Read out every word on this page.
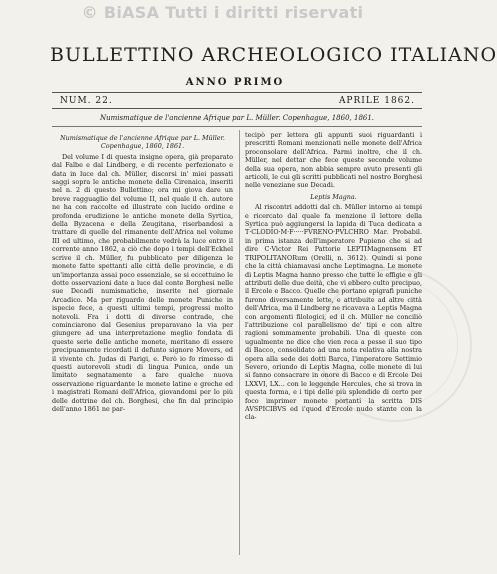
© BiASA Tutti i diritti riservati
BULLETTINO ARCHEOLOGICO ITALIANO
ANNO PRIMO
NUM. 22.	APRILE 1862.
Numismatique de l'ancienne Afrique par L. Müller. Copenhague, 1860, 1861.

Numismatique de l'ancienne Afrique par L. Müller. Copenhague, 1860, 1861.

Del volume I di questa insigne opera, già preparato dal Falbe e dal Lindberg, e di recente perfezionato e data in luce dal ch. Müller, discorsi in' miei passati saggi sopra le antiche monete della Cirenaica, inseriti nel n. 2 di questo Bullettino; ora mi giova dare un breve ragguaglio del volume II, nel quale il ch. autore ne ha con raccolte ed illustrate con lucido ordine e profonda erudizione le antiche monete della Syrtica, della Byzacena e della Zeugitana, riserbandosi a trattare di quelle del rimanente dell'Africa nel volume III ed ultimo, che probabilmente vedrà la luce entro il corrente anno 1862, a ciò che dopo i tempi dell'Eckhel scrive il ch. Müller, fu pubblicato per diligenza le monete fatte spettanti alle città delle provincie, e di un'importanza assai poco essenziale, se si eccettuino le dotte osservazioni date a luce dal conte Borghesi nelle sue Decadi numismatiche, inserite nel giornale Arcadico. Ma per riguardo delle monete Puniche in ispecie fece, a questi ultimi tempi, progressi molto notevoli. Fra i dotti di diverse contrade, che cominciarono dal Gesenius preparavano la via per giungere ad una interpretazione meglio fondata di queste serie delle antiche monete, meritano di essere precipuamente ricordati il defunto signore Movers, ed il vivente ch. Judas di Parigi, e. Però io fo rimesso di questi autorevoli studi di lingua Punica, onde un limitato segnatamente a fare qualche nuova osservazione riguardante le monete latine e greche ed i magistrati Romani dell'Africa, giovandomi per lo più delle dottrine del ch. Borghesi, che fin dal principio dell'anno 1861 ne par-

tecipò per lettera gli appunti suoi riguardanti i prescritti Romani menzionati nelle monete dell'Africa proconsolare dell'Africa. Parmi inoltre, che il ch. Müller, nel dettar che fece queste seconde volume della sua opera, non abbia sempre avuto presenti gli articoli, le cui gli scritti pubblicati nel nostro Borghesi nelle veneziane sue Decadi.

Leptis Magna.

Al riscontri addotti dal ch. Müller intorno ai tempi e ricercato dal quale fa menzione il lettore della Syrtica può aggiungersi la lapida di Tuca dedicata a T·CLODIO·M·F·····FVRENO·PVLCHRO Mar. Probabil. in prima istanza dell'imperatore Pupieno che si ad dire C·Victor Rei Pattorie LEPTIMagnensem ET TRIPOLITANORum (Orelli, n. 3612). Quindi si pone che la città chiamavasi anche Leptimagna. Le monete di Leptis Magna hanno presso che tutte le effigie e gli attributi delle due deità, che vi ebbero culto precipuo, il Ercole e Bacco. Quelle che portano epigrafi puniche furono diversamente lette, e attribuite ad altre città dell'Africa, ma il Lindberg ne ricavava a Leptis Magna con argomenti filologici, ed il ch. Müller ne conciliò l'attribuzione col parallelismo de' tipi e con altre ragioni sommamente probabili. Una di queste con ugualmente ne dice che vien reca a pesse il suo tipo di Bacco, consolidato ad una nota relativa alla nostra opera alla sede dei dotti Barca, l'imperatore Settimio Severo, oriundo di Leptis Magna, colle monete di lui si fanno consacrare in onore di Bacco e di Ercole Dei LXXVI, LX... con le leggende Hercules, che si trova in questa forma, e i tipi delle più splendide di certo per foco imprimer monete portanti la scritta DIS AVSPICIBVS ed i'quod d'Ercole nudo stante con la cla-
